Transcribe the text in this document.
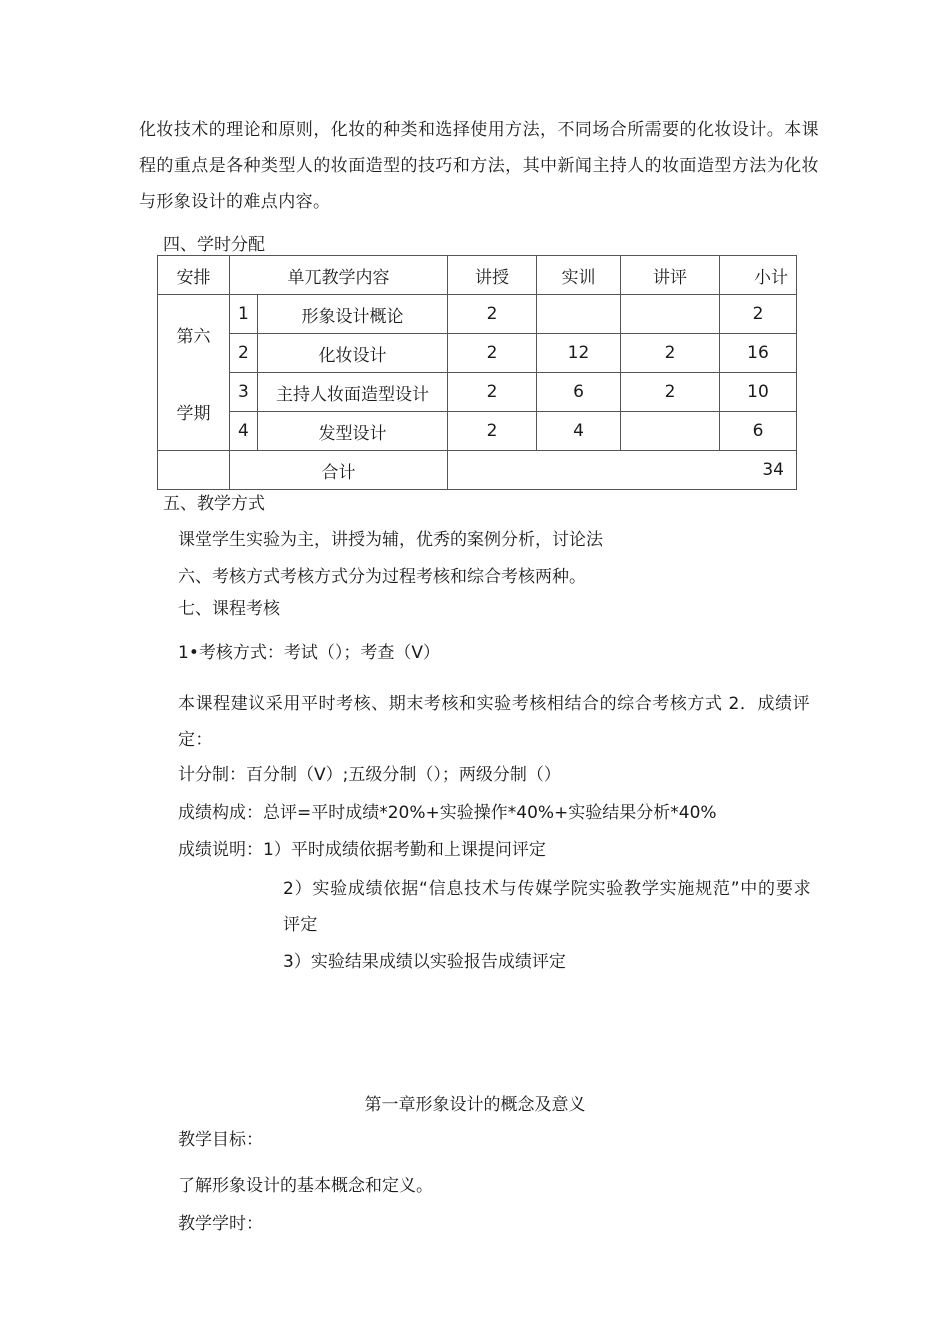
化妆技术的理论和原则，化妆的种类和选择使用方法，不同场合所需要的化妆设计。本课程的重点是各种类型人的妆面造型的技巧和方法，其中新闻主持人的妆面造型方法为化妆与形象设计的难点内容。
四、学时分配
安排	单兀教学内容		讲授	实训	讲评	小计

第六
学期	1	形象设计概论	2			2
	2	化妆设计	2	12	2	16
	3	主持人妆面造型设计	2	6	2	10
	4	发型设计	2	4		6
	合计		34			
五、教学方式
课堂学生实验为主，讲授为辅，优秀的案例分析，讨论法
六、考核方式考核方式分为过程考核和综合考核两种。
七、课程考核
1•考核方式：考试（）；考查（V）
本课程建议采用平时考核、期末考核和实验考核相结合的综合考核方式 2．成绩评定：
计分制：百分制（V）;五级分制（）；两级分制（）
成绩构成：总评=平时成绩*20%+实验操作*40%+实验结果分析*40%
成绩说明：1）平时成绩依据考勤和上课提问评定
2）实验成绩依据“信息技术与传媒学院实验教学实施规范”中的要求评定
3）实验结果成绩以实验报告成绩评定
第一章形象设计的概念及意义
教学目标：
了解形象设计的基本概念和定义。
教学学时：
